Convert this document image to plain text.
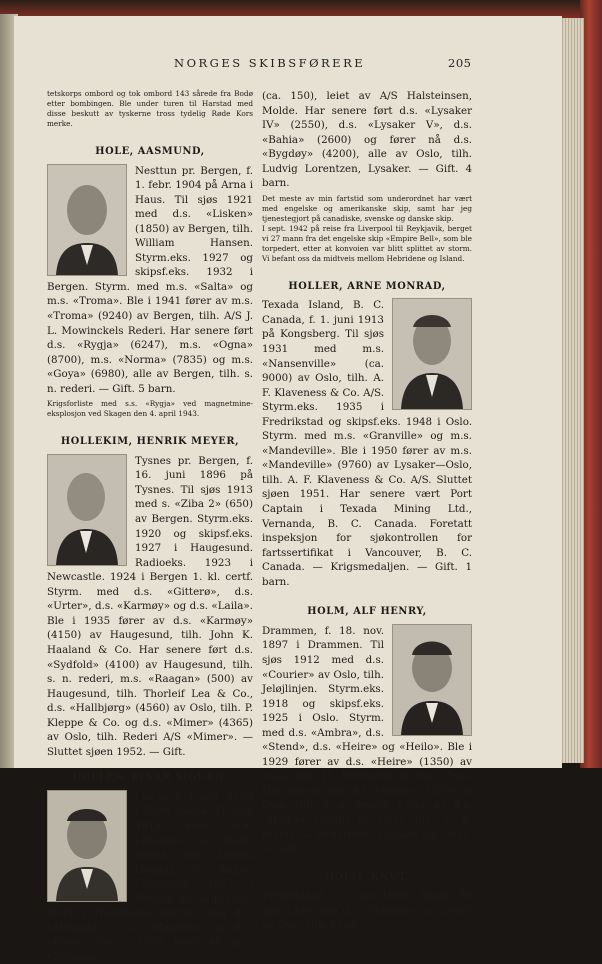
NORGES SKIBSFØRERE	205

tetskorps ombord og tok ombord 143 sårede fra Bodø etter bombingen. Ble under turen til Harstad med disse beskutt av tyskerne tross tydelig Røde Kors merke.

HOLE, AASMUND,

Nesttun pr. Bergen, f. 1. febr. 1904 på Arna i Haus. Til sjøs 1921 med d.s. «Lisken» (1850) av Bergen, tilh. William Hansen. Styrm.eks. 1927 og skipsf.eks. 1932 i Bergen. Styrm. med m.s. «Salta» og m.s. «Troma». Ble i 1941 fører av m.s. «Troma» (9240) av Bergen, tilh. A/S J. L. Mowinckels Rederi. Har senere ført d.s. «Rygja» (6247), m.s. «Ogna» (8700), m.s. «Norma» (7835) og m.s. «Goya» (6980), alle av Bergen, tilh. s. n. rederi. — Gift. 5 barn.

Krigsforliste med s.s. «Rygja» ved magnetmine-eksplosjon ved Skagen den 4. april 1943.

HOLLEKIM, HENRIK MEYER,

Tysnes pr. Bergen, f. 16. juni 1896 på Tysnes. Til sjøs 1913 med s. «Ziba 2» (650) av Bergen. Styrm.eks. 1920 og skipsf.eks. 1927 i Haugesund. Radioeks. 1923 i Newcastle. 1924 i Bergen 1. kl. certf. Styrm. med d.s. «Gitterø», d.s. «Urter», d.s. «Karmøy» og d.s. «Laila». Ble i 1935 fører av d.s. «Karmøy» (4150) av Haugesund, tilh. John K. Haaland & Co. Har senere ført d.s. «Sydfold» (4100) av Haugesund, tilh. s. n. rederi, m.s. «Raagan» (500) av Haugesund, tilh. Thorleif Lea & Co., d.s. «Hallbjørg» (4560) av Oslo, tilh. P. Kleppe & Co. og d.s. «Mimer» (4365) av Oslo, tilh. Rederi A/S «Mimer». — Sluttet sjøen 1952. — Gift.

HOLLEN, EINAR SIGURD,

Molde, f. 4. okt. 1903 i Nord Aukra. Til sjøs 1919 med m.k. «Blåstol» av Nord-Aukra, tilh. Ludvig Hegdal, N. Aukra. Styrm.eks. 1929 i Bergen og skipsf.eks. 1933 i Trondheim. Styrm. med d.s. «Miranda», d.s. «Maurita» og d.s. «Faro». Ble i 1936 fører av m.s. «Nelson»

(ca. 150), leiet av A/S Halsteinsen, Molde. Har senere ført d.s. «Lysaker IV» (2550), d.s. «Lysaker V», d.s. «Bahia» (2600) og fører nå d.s. «Bygdøy» (4200), alle av Oslo, tilh. Ludvig Lorentzen, Lysaker. — Gift. 4 barn.

Det meste av min fartstid som underordnet har vært med engelske og amerikanske skip, samt har jeg tjenestegjort på canadiske, svenske og danske skip.

I sept. 1942 på reise fra Liverpool til Reykjavik, berget vi 27 mann fra det engelske skip «Empire Bell», som ble torpedert, etter at konvoien var blitt splittet av storm. Vi befant oss da midtveis mellom Hebridene og Island.

HOLLER, ARNE MONRAD,

Texada Island, B. C. Canada, f. 1. juni 1913 på Kongsberg. Til sjøs 1931 med m.s. «Nansenville» (ca. 9000) av Oslo, tilh. A. F. Klaveness & Co. A/S. Styrm.eks. 1935 i Fredrikstad og skipsf.eks. 1948 i Oslo. Styrm. med m.s. «Granville» og m.s. «Mandeville». Ble i 1950 fører av m.s. «Mandeville» (9760) av Lysaker—Oslo, tilh. A. F. Klaveness & Co. A/S. Sluttet sjøen 1951. Har senere vært Port Captain i Texada Mining Ltd., Vernanda, B. C. Canada. Foretatt inspeksjon for sjøkontrollen for fartssertifikat i Vancouver, B. C. Canada. — Krigsmedaljen. — Gift. 1 barn.

HOLM, ALF HENRY,

Drammen, f. 18. nov. 1897 i Drammen. Til sjøs 1912 med d.s. «Courier» av Oslo, tilh. Jeløjlinjen. Styrm.eks. 1918 og skipsf.eks. 1925 i Oslo. Styrm. med d.s. «Ambra», d.s. «Stend», d.s. «Heire» og «Heilo». Ble i 1929 fører av d.s. «Heire» (1350) av Oslo, tilh. H. Heitmann & Son, Oslo. Har senere ført d.s. «Heilo» (1550) av Oslo, tilh. s. n. rederi. Fører nå d.s. «Heika» (2650) av Oslo, tilh. s. n. rederi. — Rederforb. gullmedalje 1951. — Gift.

HOLM, KNUT,

Fredrikstad, f. 2. nov. 1900 i Borge. Til sjøs 1916 med d.s. «Borgny» (ca. 2000) av Oslo, tilh. Fred.
